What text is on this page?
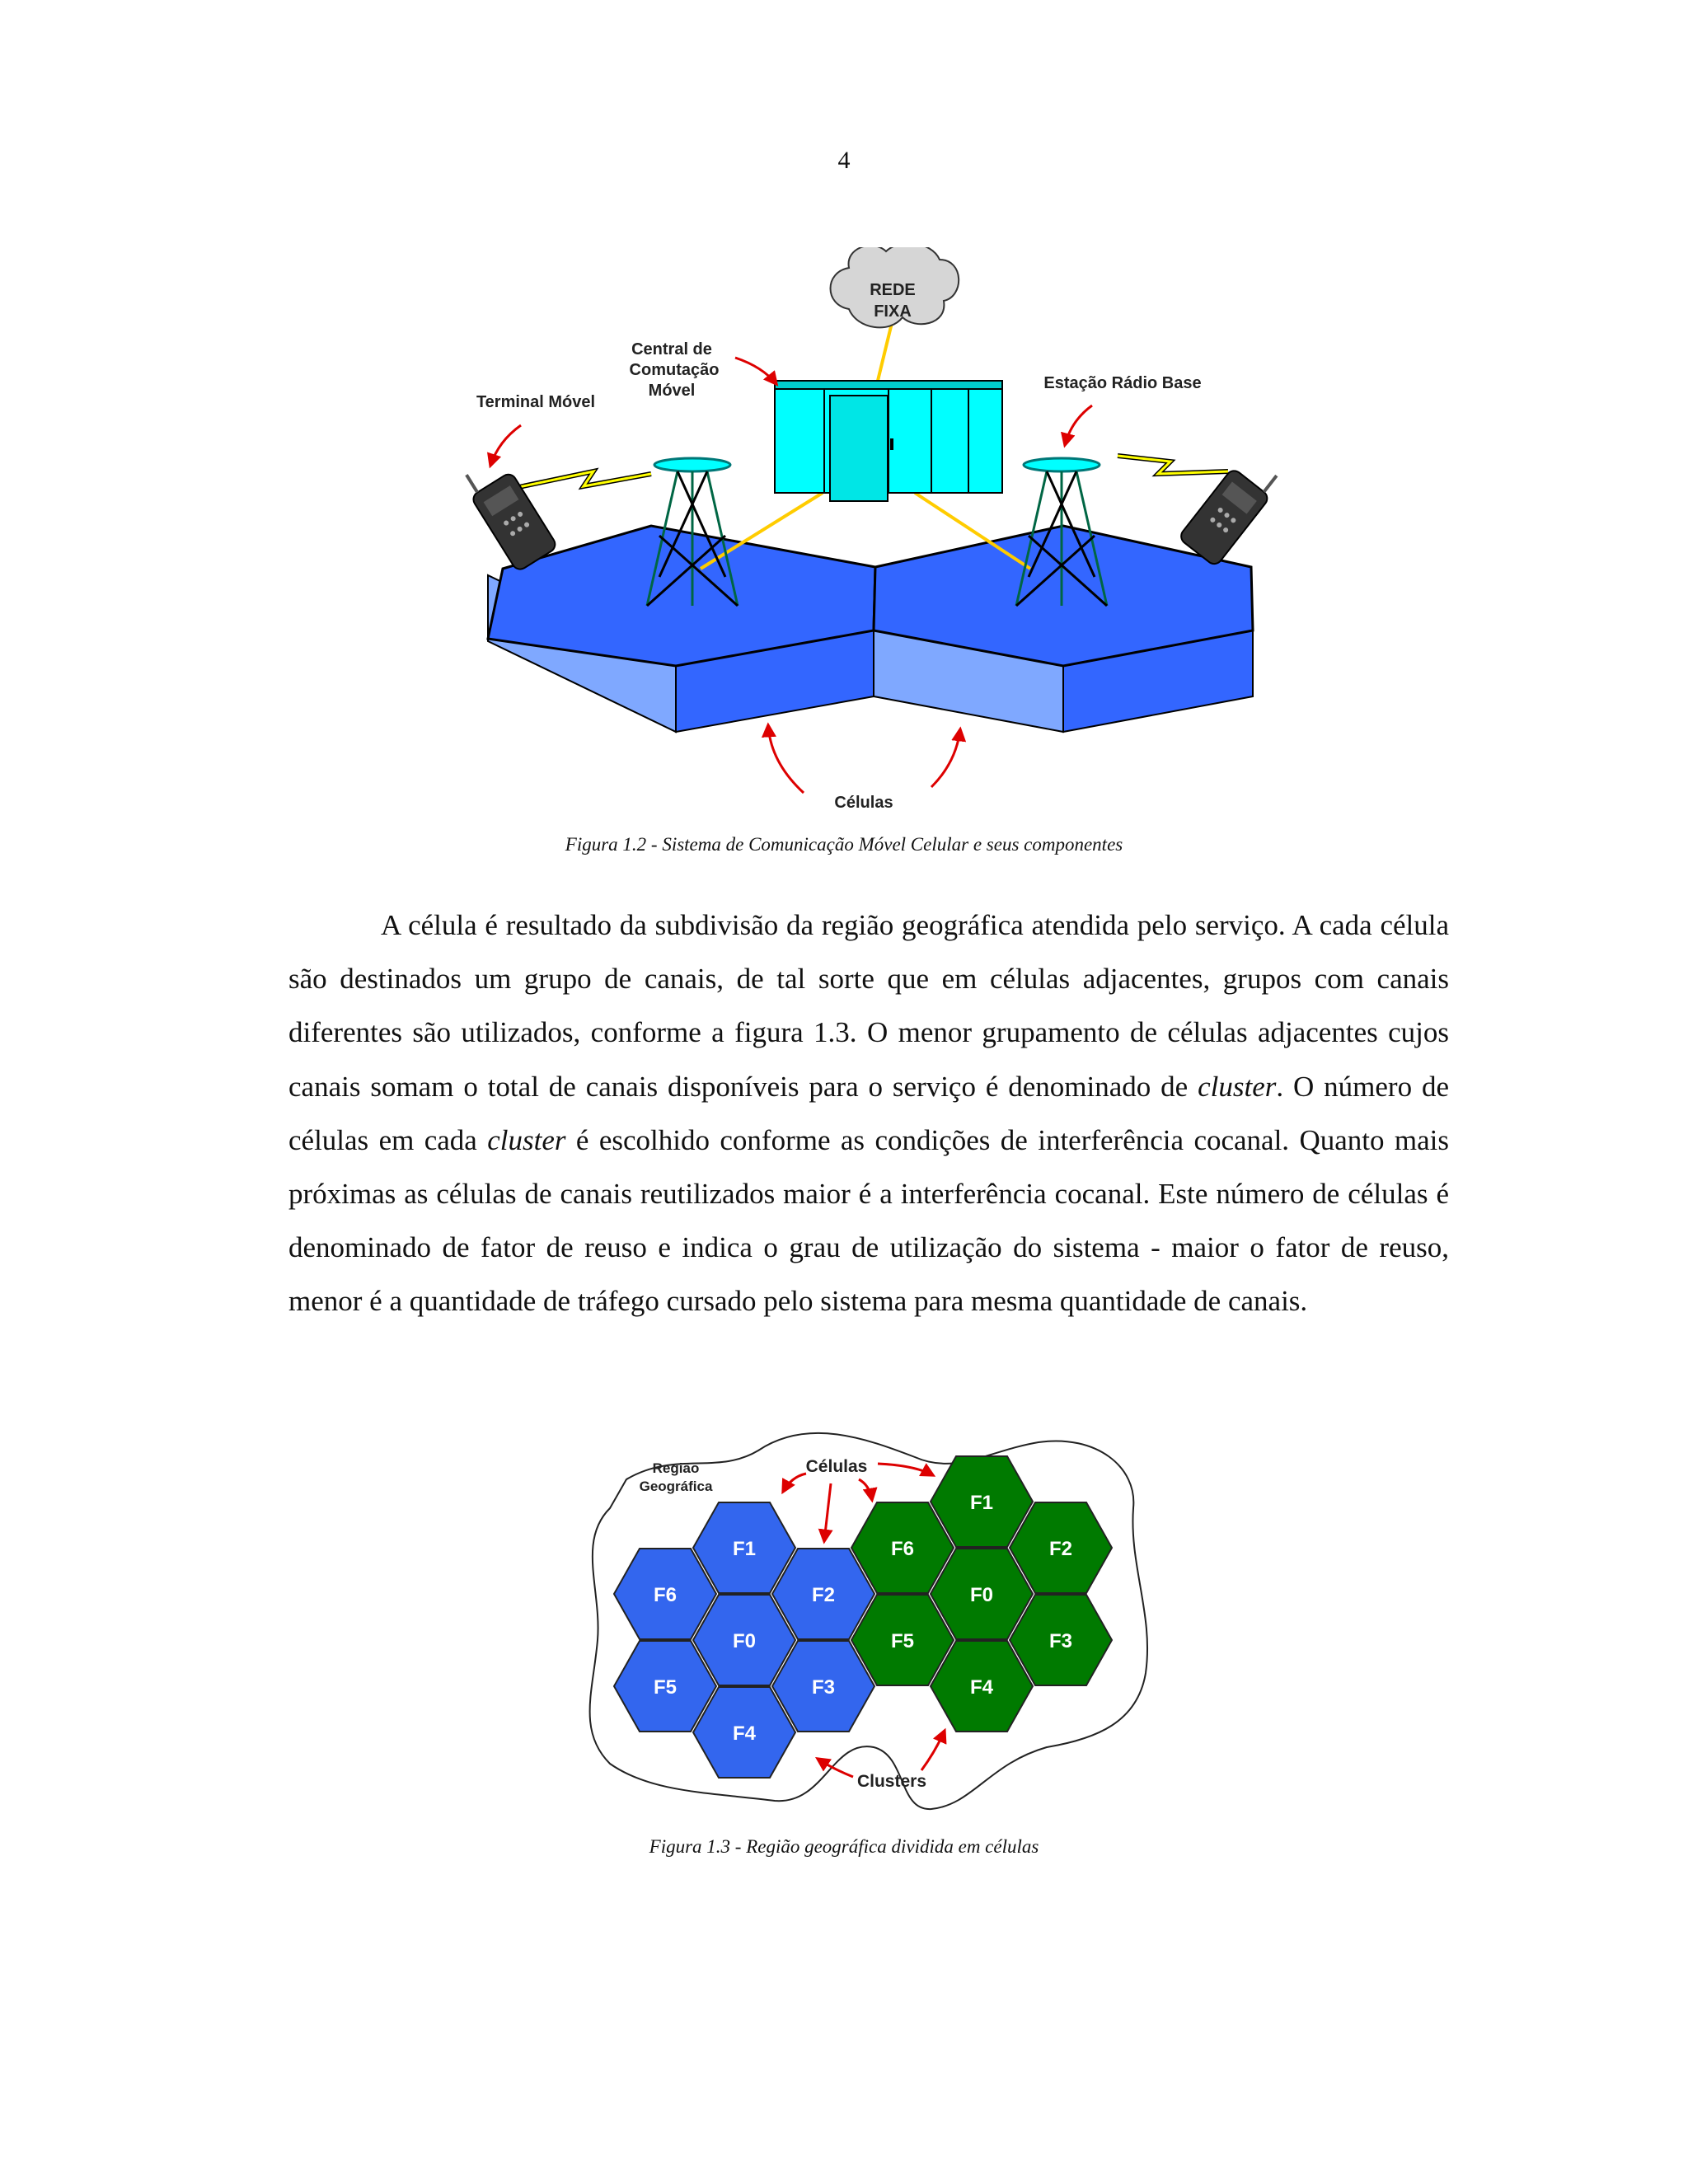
4
REDE
FIXA
Central de
Comutação
Móvel
Terminal Móvel
Estação Rádio Base
Células
Figura 1.2 - Sistema de Comunicação Móvel Celular e seus componentes

A célula é resultado da subdivisão da região geográfica atendida pelo serviço. A cada célula são destinados um grupo de canais, de tal sorte que em células adjacentes, grupos com canais diferentes são utilizados, conforme a figura 1.3. O menor grupamento de células adjacentes cujos canais somam o total de canais disponíveis para o serviço é denominado de cluster. O número de células em cada cluster é escolhido conforme as condições de interferência cocanal. Quanto mais próximas as células de canais reutilizados maior é a interferência cocanal. Este número de células é denominado de fator de reuso e indica o grau de utilização do sistema - maior o fator de reuso, menor é a quantidade de tráfego cursado pelo sistema para mesma quantidade de canais.

F1
F2
F3
F4
F5
F6
F0
F1
F2
F3
F4
F5
F6
F0
Região
Geográfica
Células
Clusters
Figura 1.3 - Região geográfica dividida em células
